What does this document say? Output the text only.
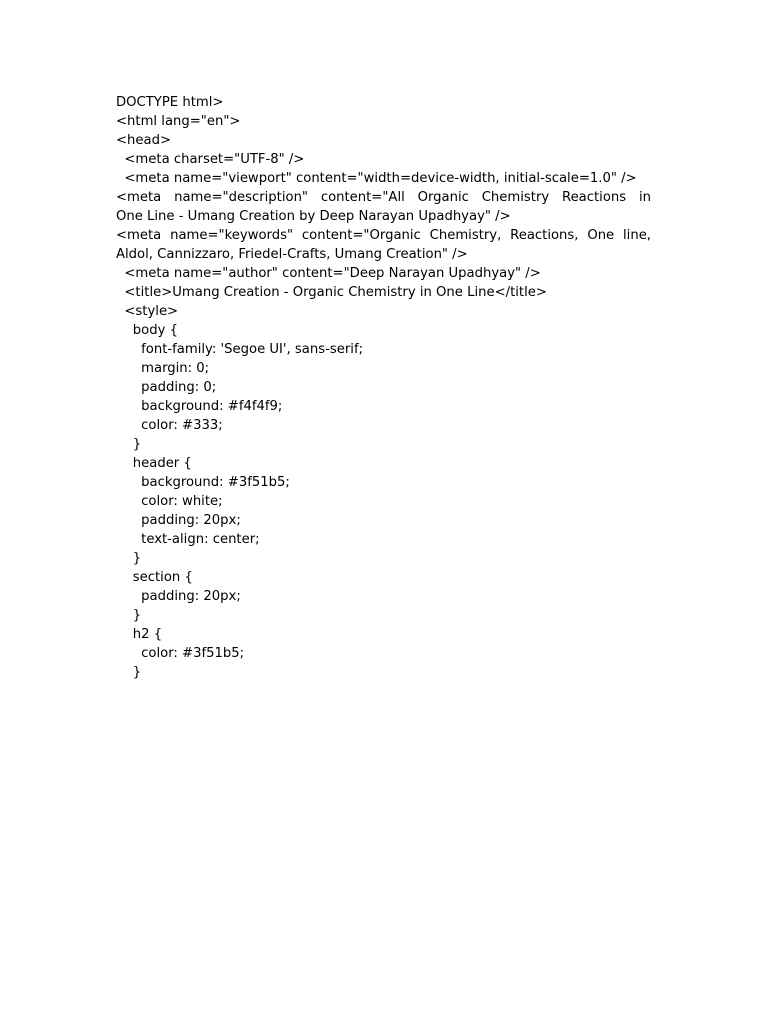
DOCTYPE html>
<html lang="en">
<head>
<meta charset="UTF-8" />
<meta name="viewport" content="width=device-width, initial-scale=1.0" />
<meta name="description" content="All Organic Chemistry Reactions in
One Line - Umang Creation by Deep Narayan Upadhyay" />
<meta name="keywords" content="Organic Chemistry, Reactions, One line,
Aldol, Cannizzaro, Friedel-Crafts, Umang Creation" />
<meta name="author" content="Deep Narayan Upadhyay" />
<title>Umang Creation - Organic Chemistry in One Line</title>
<style>
body {
font-family: 'Segoe UI', sans-serif;
margin: 0;
padding: 0;
background: #f4f4f9;
color: #333;
}
header {
background: #3f51b5;
color: white;
padding: 20px;
text-align: center;
}
section {
padding: 20px;
}
h2 {
color: #3f51b5;
}
